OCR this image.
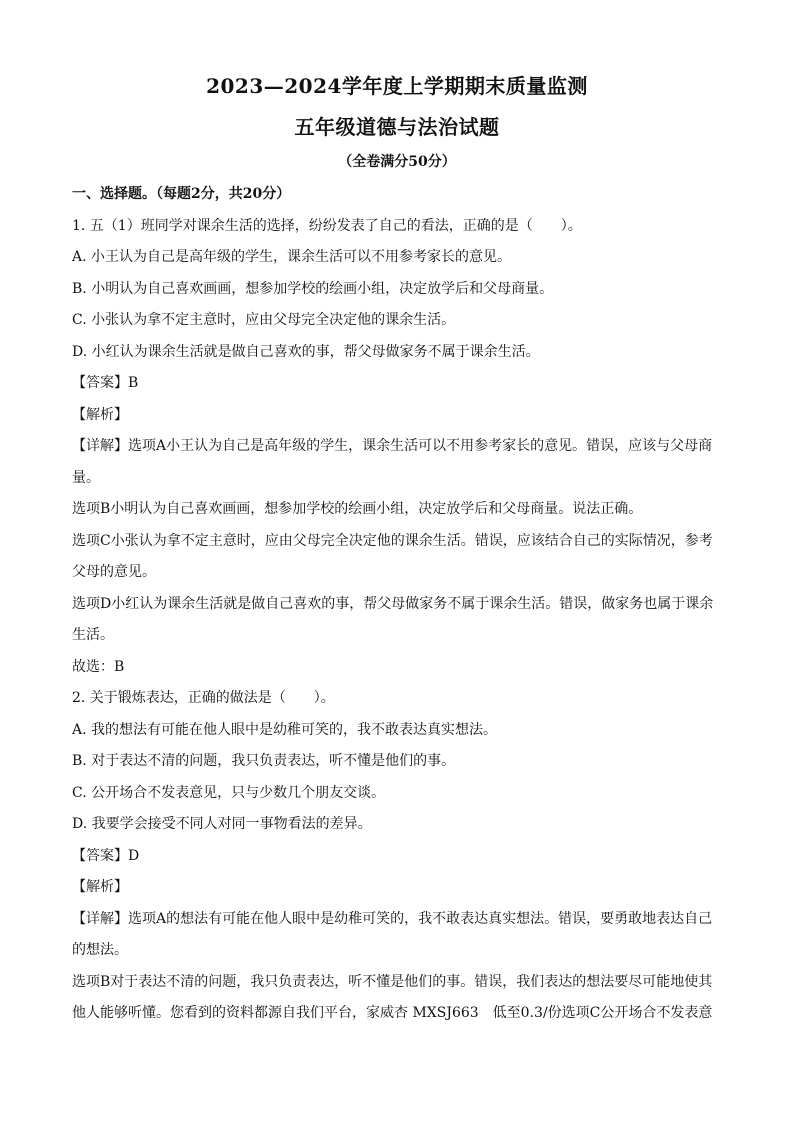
2023—2024学年度上学期期末质量监测
五年级道德与法治试题
（全卷满分50分）
一、选择题。（每题2分，共20分）
1. 五（1）班同学对课余生活的选择，纷纷发表了自己的看法，正确的是（　　）。
A. 小王认为自己是高年级的学生，课余生活可以不用参考家长的意见。
B. 小明认为自己喜欢画画，想参加学校的绘画小组，决定放学后和父母商量。
C. 小张认为拿不定主意时，应由父母完全决定他的课余生活。
D. 小红认为课余生活就是做自己喜欢的事，帮父母做家务不属于课余生活。
【答案】B
【解析】
【详解】选项A小王认为自己是高年级的学生，课余生活可以不用参考家长的意见。错误，应该与父母商
量。
选项B小明认为自己喜欢画画，想参加学校的绘画小组，决定放学后和父母商量。说法正确。
选项C小张认为拿不定主意时，应由父母完全决定他的课余生活。错误，应该结合自己的实际情况，参考
父母的意见。
选项D小红认为课余生活就是做自己喜欢的事，帮父母做家务不属于课余生活。错误，做家务也属于课余
生活。
故选：B
2. 关于锻炼表达，正确的做法是（　　）。
A. 我的想法有可能在他人眼中是幼稚可笑的，我不敢表达真实想法。
B. 对于表达不清的问题，我只负责表达，听不懂是他们的事。
C. 公开场合不发表意见，只与少数几个朋友交谈。
D. 我要学会接受不同人对同一事物看法的差异。
【答案】D
【解析】
【详解】选项A的想法有可能在他人眼中是幼稚可笑的，我不敢表达真实想法。错误，要勇敢地表达自己
的想法。
选项B对于表达不清的问题，我只负责表达，听不懂是他们的事。错误，我们表达的想法要尽可能地使其
他人能够听懂。您看到的资料都源自我们平台，家威杏 MXSJ663　低至0.3/份选项C公开场合不发表意
